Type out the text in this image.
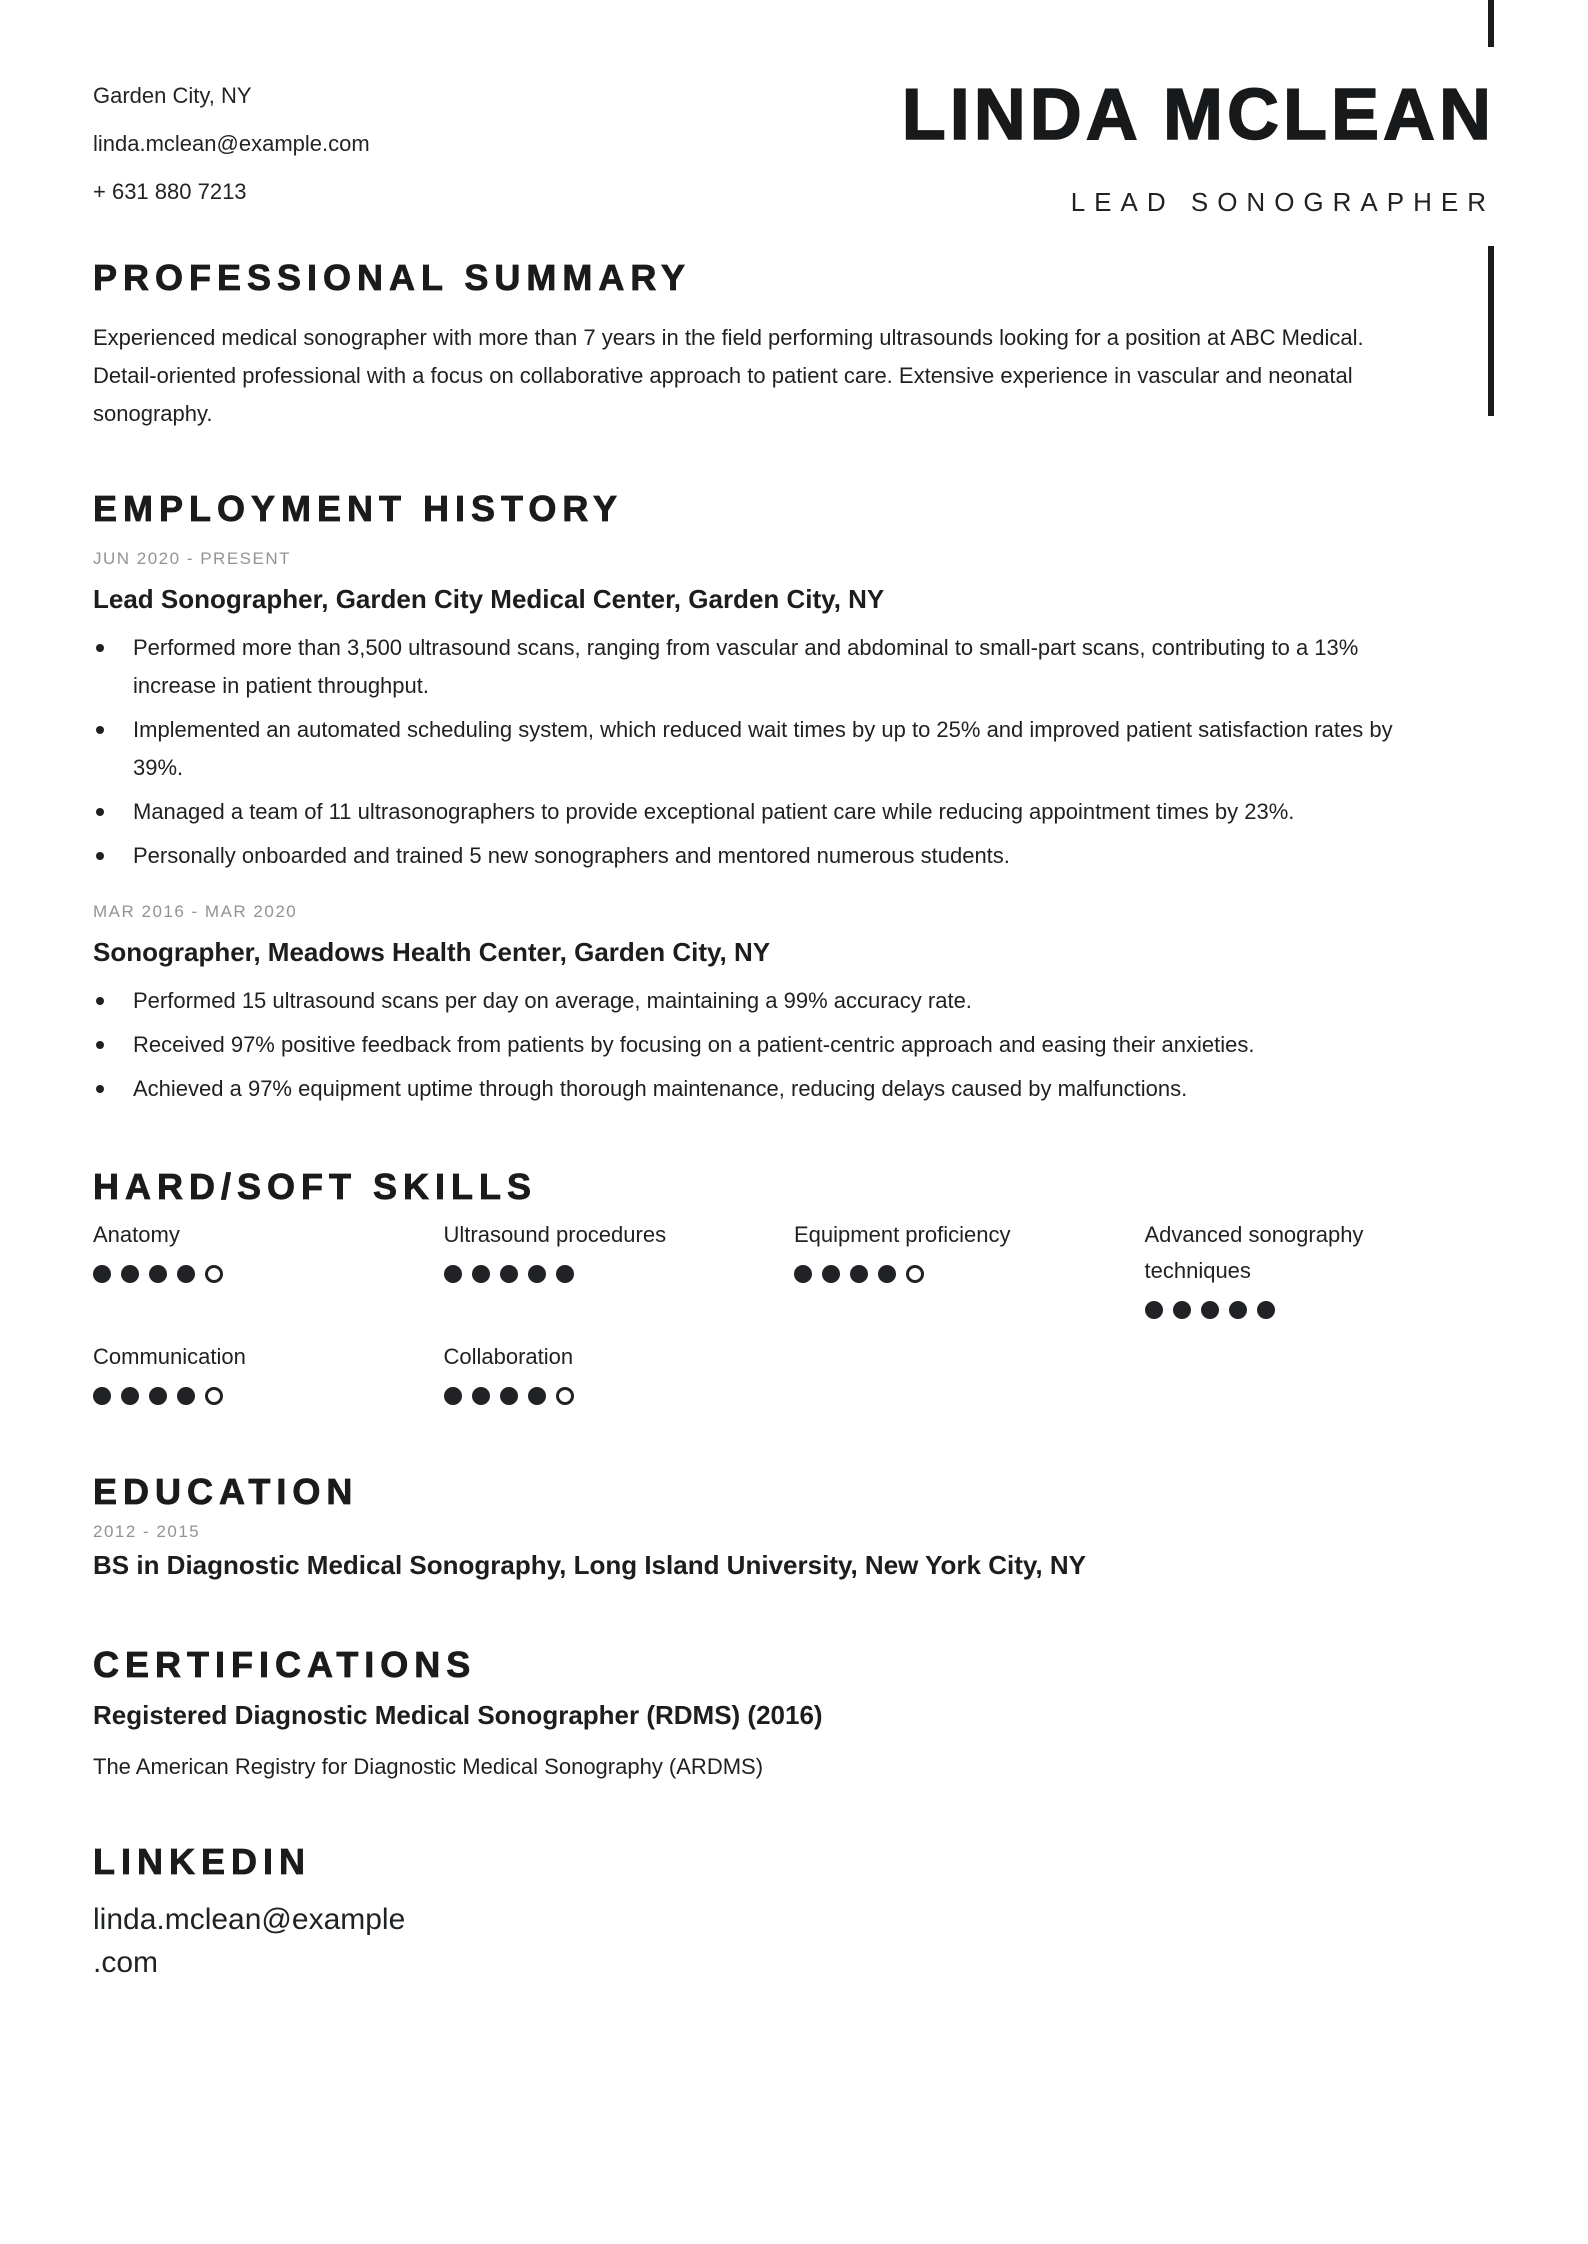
Garden City, NY
linda.mclean@example.com
+ 631 880 7213
LINDA MCLEAN
LEAD SONOGRAPHER
PROFESSIONAL SUMMARY

Experienced medical sonographer with more than 7 years in the field performing ultrasounds looking for a position at ABC Medical. Detail-oriented professional with a focus on collaborative approach to patient care. Extensive experience in vascular and neonatal sonography.

EMPLOYMENT HISTORY
JUN 2020 - PRESENT
Lead Sonographer, Garden City Medical Center, Garden City, NY
Performed more than 3,500 ultrasound scans, ranging from vascular and abdominal to small-part scans, contributing to a 13% increase in patient throughput.
Implemented an automated scheduling system, which reduced wait times by up to 25% and improved patient satisfaction rates by 39%.
Managed a team of 11 ultrasonographers to provide exceptional patient care while reducing appointment times by 23%.
Personally onboarded and trained 5 new sonographers and mentored numerous students.
MAR 2016 - MAR 2020
Sonographer, Meadows Health Center, Garden City, NY
Performed 15 ultrasound scans per day on average, maintaining a 99% accuracy rate.
Received 97% positive feedback from patients by focusing on a patient-centric approach and easing their anxieties.
Achieved a 97% equipment uptime through thorough maintenance, reducing delays caused by malfunctions.
HARD/SOFT SKILLS
Anatomy	Ultrasound procedures	Equipment proficiency	Advanced sonography techniques
Communication	Collaboration
EDUCATION
2012 - 2015
BS in Diagnostic Medical Sonography, Long Island University, New York City, NY
CERTIFICATIONS
Registered Diagnostic Medical Sonographer (RDMS) (2016)

The American Registry for Diagnostic Medical Sonography (ARDMS)

LINKEDIN
linda.mclean@example
.com
